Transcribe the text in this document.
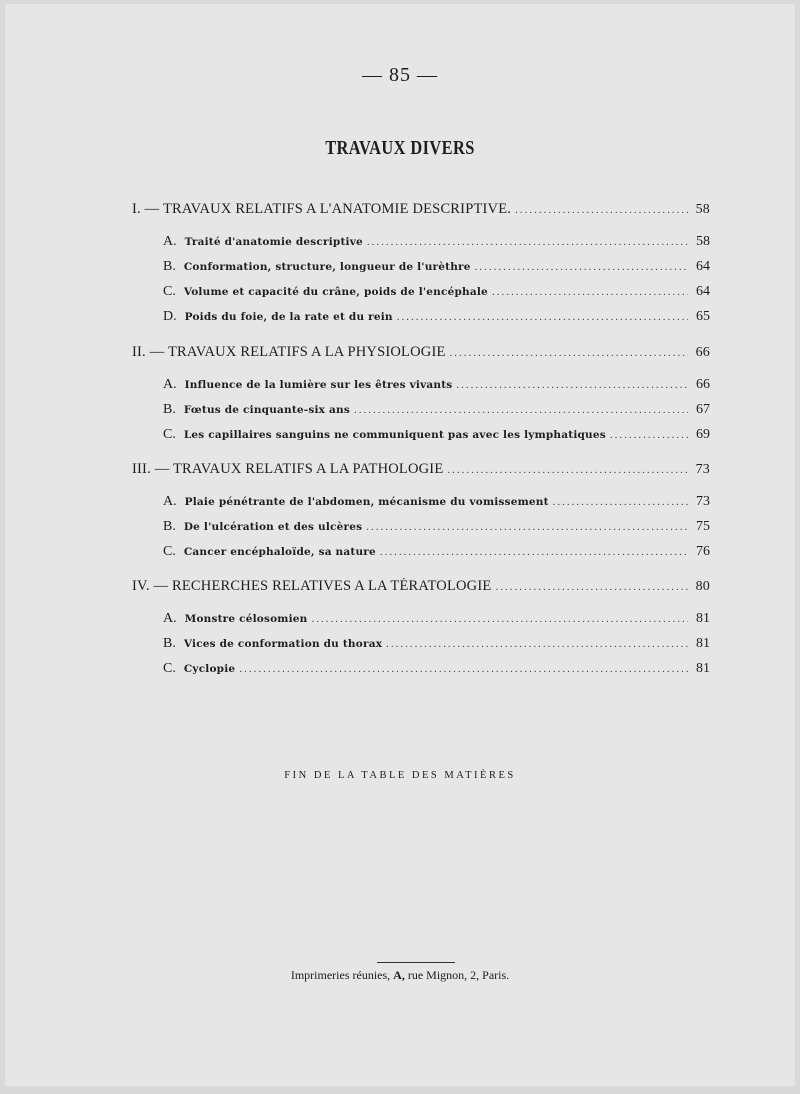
— 85 —
TRAVAUX DIVERS
I. — TRAVAUX RELATIFS A L'ANATOMIE DESCRIPTIVE. .....	58
A. Traité d'anatomie descriptive .....	58
B. Conformation, structure, longueur de l'urèthre .....	64
C. Volume et capacité du crâne, poids de l'encéphale .....	64
D. Poids du foie, de la rate et du rein .....	65
II. — TRAVAUX RELATIFS A LA PHYSIOLOGIE .....	66
A. Influence de la lumière sur les êtres vivants .....	66
B. Fœtus de cinquante-six ans .....	67
C. Les capillaires sanguins ne communiquent pas avec les lymphatiques .....	69
III. — TRAVAUX RELATIFS A LA PATHOLOGIE .....	73
A. Plaie pénétrante de l'abdomen, mécanisme du vomissement .....	73
B. De l'ulcération et des ulcères .....	75
C. Cancer encéphaloïde, sa nature .....	76
IV. — RECHERCHES RELATIVES A LA TÉRATOLOGIE .....	80
A. Monstre célosomien .....	81
B. Vices de conformation du thorax .....	81
C. Cyclopie .....	81
FIN DE LA TABLE DES MATIÈRES
Imprimeries réunies, A, rue Mignon, 2, Paris.
